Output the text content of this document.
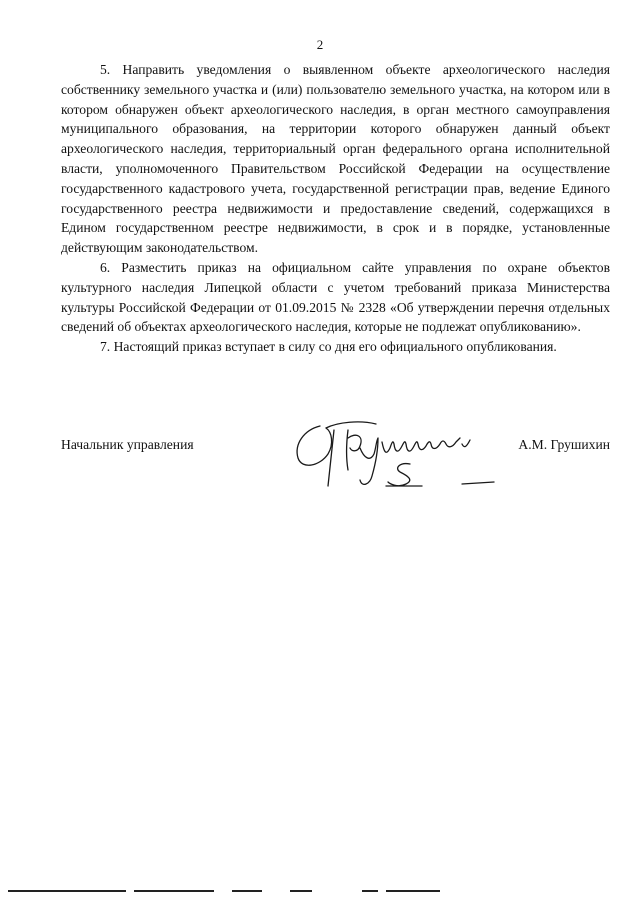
2

5. Направить уведомления о выявленном объекте археологического наследия собственнику земельного участка и (или) пользователю земельного участка, на котором или в котором обнаружен объект археологического наследия, в орган местного самоуправления муниципального образования, на территории которого обнаружен данный объект археологического наследия, территориальный орган федерального органа исполнительной власти, уполномоченного Правительством Российской Федерации на осуществление государственного кадастрового учета, государственной регистрации прав, ведение Единого государственного реестра недвижимости и предоставление сведений, содержащихся в Едином государственном реестре недвижимости, в срок и в порядке, установленные действующим законодательством.

6. Разместить приказ на официальном сайте управления по охране объектов культурного наследия Липецкой области с учетом требований приказа Министерства культуры Российской Федерации от 01.09.2015 № 2328 «Об утверждении перечня отдельных сведений об объектах археологического наследия, которые не подлежат опубликованию».

7. Настоящий приказ вступает в силу со дня его официального опубликования.

Начальник управления	А.М. Грушихин
